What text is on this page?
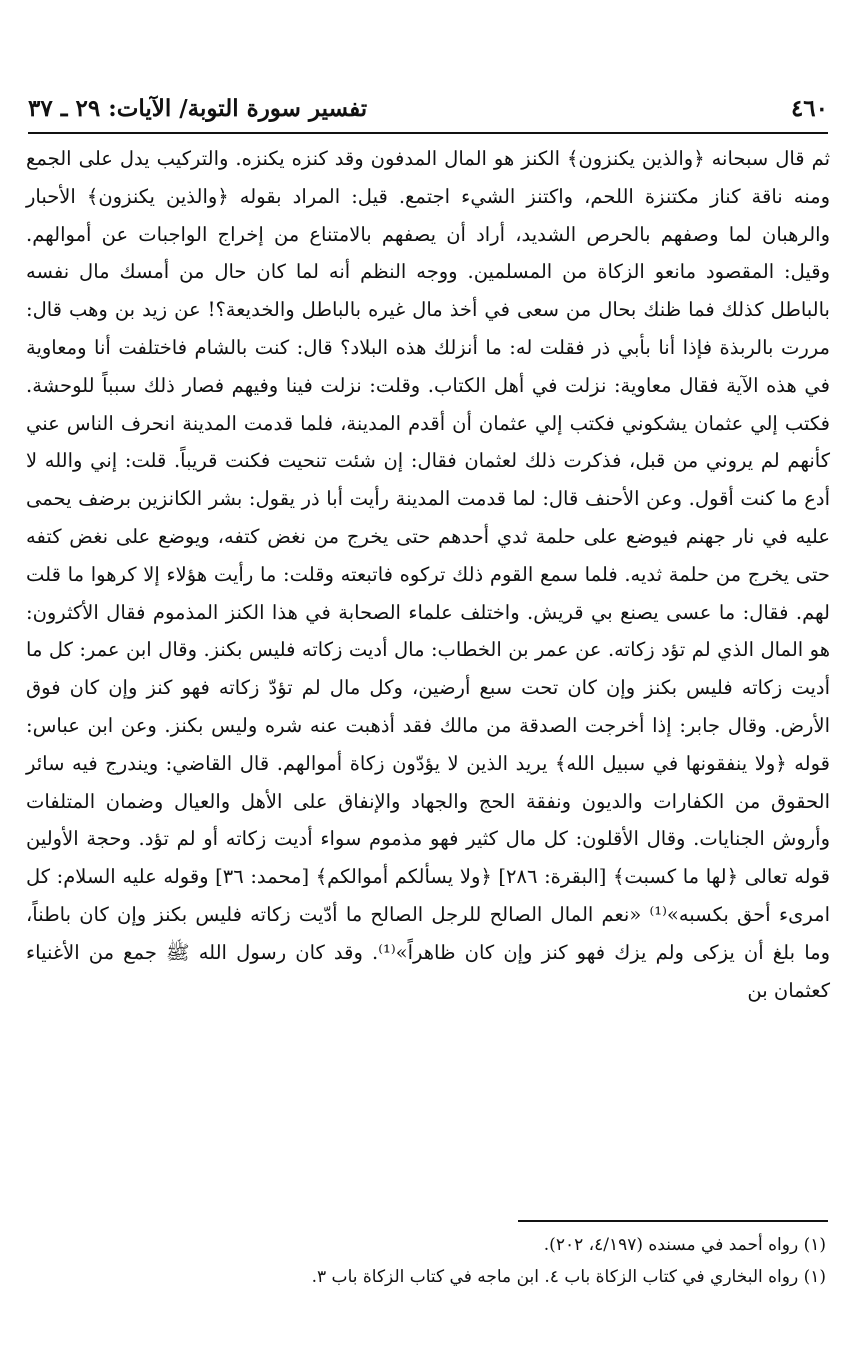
٤٦٠
تفسير سورة التوبة/ الآيات: ٢٩ ـ ٣٧

ثم قال سبحانه ﴿والذين يكنزون﴾ الكنز هو المال المدفون وقد كنزه يكنزه. والتركيب يدل على الجمع ومنه ناقة كناز مكتنزة اللحم، واكتنز الشيء اجتمع. قيل: المراد بقوله ﴿والذين يكنزون﴾ الأحبار والرهبان لما وصفهم بالحرص الشديد، أراد أن يصفهم بالامتناع من إخراج الواجبات عن أموالهم. وقيل: المقصود مانعو الزكاة من المسلمين. ووجه النظم أنه لما كان حال من أمسك مال نفسه بالباطل كذلك فما ظنك بحال من سعى في أخذ مال غيره بالباطل والخديعة؟! عن زيد بن وهب قال: مررت بالربذة فإذا أنا بأبي ذر فقلت له: ما أنزلك هذه البلاد؟ قال: كنت بالشام فاختلفت أنا ومعاوية في هذه الآية فقال معاوية: نزلت في أهل الكتاب. وقلت: نزلت فينا وفيهم فصار ذلك سبباً للوحشة. فكتب إلي عثمان يشكوني فكتب إلي عثمان أن أقدم المدينة، فلما قدمت المدينة انحرف الناس عني كأنهم لم يروني من قبل، فذكرت ذلك لعثمان فقال: إن شئت تنحيت فكنت قريباً. قلت: إني والله لا أدع ما كنت أقول. وعن الأحنف قال: لما قدمت المدينة رأيت أبا ذر يقول: بشر الكانزين برضف يحمى عليه في نار جهنم فيوضع على حلمة ثدي أحدهم حتى يخرج من نغض كتفه، ويوضع على نغض كتفه حتى يخرج من حلمة ثديه. فلما سمع القوم ذلك تركوه فاتبعته وقلت: ما رأيت هؤلاء إلا كرهوا ما قلت لهم. فقال: ما عسى يصنع بي قريش. واختلف علماء الصحابة في هذا الكنز المذموم فقال الأكثرون: هو المال الذي لم تؤد زكاته. عن عمر بن الخطاب: مال أديت زكاته فليس بكنز. وقال ابن عمر: كل ما أديت زكاته فليس بكنز وإن كان تحت سبع أرضين، وكل مال لم تؤدّ زكاته فهو كنز وإن كان فوق الأرض. وقال جابر: إذا أخرجت الصدقة من مالك فقد أذهبت عنه شره وليس بكنز. وعن ابن عباس: قوله ﴿ولا ينفقونها في سبيل الله﴾ يريد الذين لا يؤدّون زكاة أموالهم. قال القاضي: ويندرج فيه سائر الحقوق من الكفارات والديون ونفقة الحج والجهاد والإنفاق على الأهل والعيال وضمان المتلفات وأروش الجنايات. وقال الأقلون: كل مال كثير فهو مذموم سواء أديت زكاته أو لم تؤد. وحجة الأولين قوله تعالى ﴿لها ما كسبت﴾ [البقرة: ٢٨٦] ﴿ولا يسألكم أموالكم﴾ [محمد: ٣٦] وقوله عليه السلام: كل امرىء أحق بكسبه»⁽¹⁾ «نعم المال الصالح للرجل الصالح ما أدّيت زكاته فليس بكنز وإن كان باطناً، وما بلغ أن يزكى ولم يزك فهو كنز وإن كان ظاهراً»⁽¹⁾. وقد كان رسول الله ﷺ جمع من الأغنياء كعثمان بن

(١) رواه أحمد في مسنده (٤/١٩٧، ٢٠٢).

(١) رواه البخاري في كتاب الزكاة باب ٤. ابن ماجه في كتاب الزكاة باب ٣.
